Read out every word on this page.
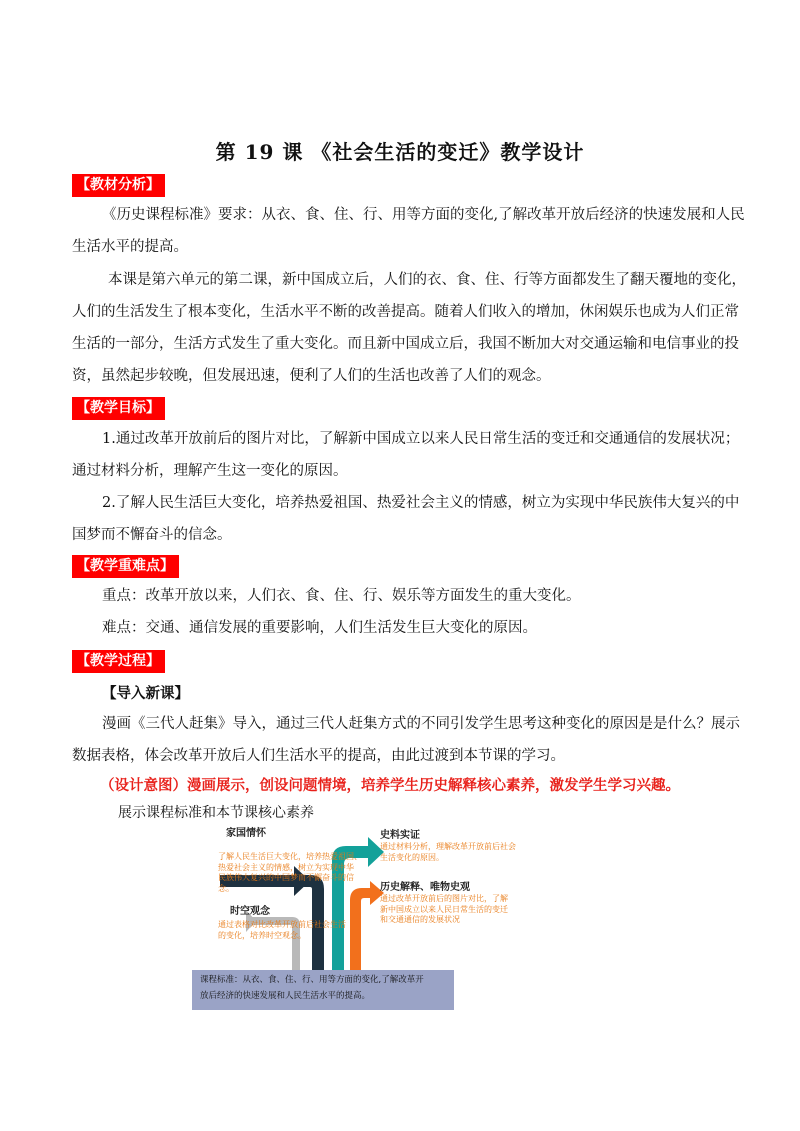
第 19 课 《社会生活的变迁》教学设计
【教材分析】

《历史课程标准》要求：从衣、食、住、行、用等方面的变化,了解改革开放后经济的快速发展和人民

生活水平的提高。

本课是第六单元的第二课，新中国成立后，人们的衣、食、住、行等方面都发生了翻天覆地的变化，

人们的生活发生了根本变化，生活水平不断的改善提高。随着人们收入的增加，休闲娱乐也成为人们正常

生活的一部分，生活方式发生了重大变化。而且新中国成立后，我国不断加大对交通运输和电信事业的投

资，虽然起步较晚，但发展迅速，便利了人们的生活也改善了人们的观念。

【教学目标】

1.通过改革开放前后的图片对比，了解新中国成立以来人民日常生活的变迁和交通通信的发展状况；

通过材料分析，理解产生这一变化的原因。

2.了解人民生活巨大变化，培养热爱祖国、热爱社会主义的情感，树立为实现中华民族伟大复兴的中

国梦而不懈奋斗的信念。

【教学重难点】

重点：改革开放以来，人们衣、食、住、行、娱乐等方面发生的重大变化。

难点：交通、通信发展的重要影响，人们生活发生巨大变化的原因。

【教学过程】
【导入新课】

漫画《三代人赶集》导入，通过三代人赶集方式的不同引发学生思考这种变化的原因是是什么？展示

数据表格，体会改革开放后人们生活水平的提高，由此过渡到本节课的学习。

（设计意图）漫画展示，创设问题情境，培养学生历史解释核心素养，激发学生学习兴趣。
展示课程标准和本节课核心素养
家国情怀
了解人民生活巨大变化，培养热爱祖国、
热爱社会主义的情感，树立为实现中华
民族伟大复兴的中国梦而不懈奋斗的信
念。
时空观念
通过表格对比改革开放前后社会生活
的变化，培养时空观念。
史料实证
通过材料分析，理解改革开放前后社会
生活变化的原因。
历史解释、唯物史观
通过改革开放前后的图片对比，了解
新中国成立以来人民日常生活的变迁
和交通通信的发展状况
课程标准：从衣、食、住、行、用等方面的变化,了解改革开
放后经济的快速发展和人民生活水平的提高。
